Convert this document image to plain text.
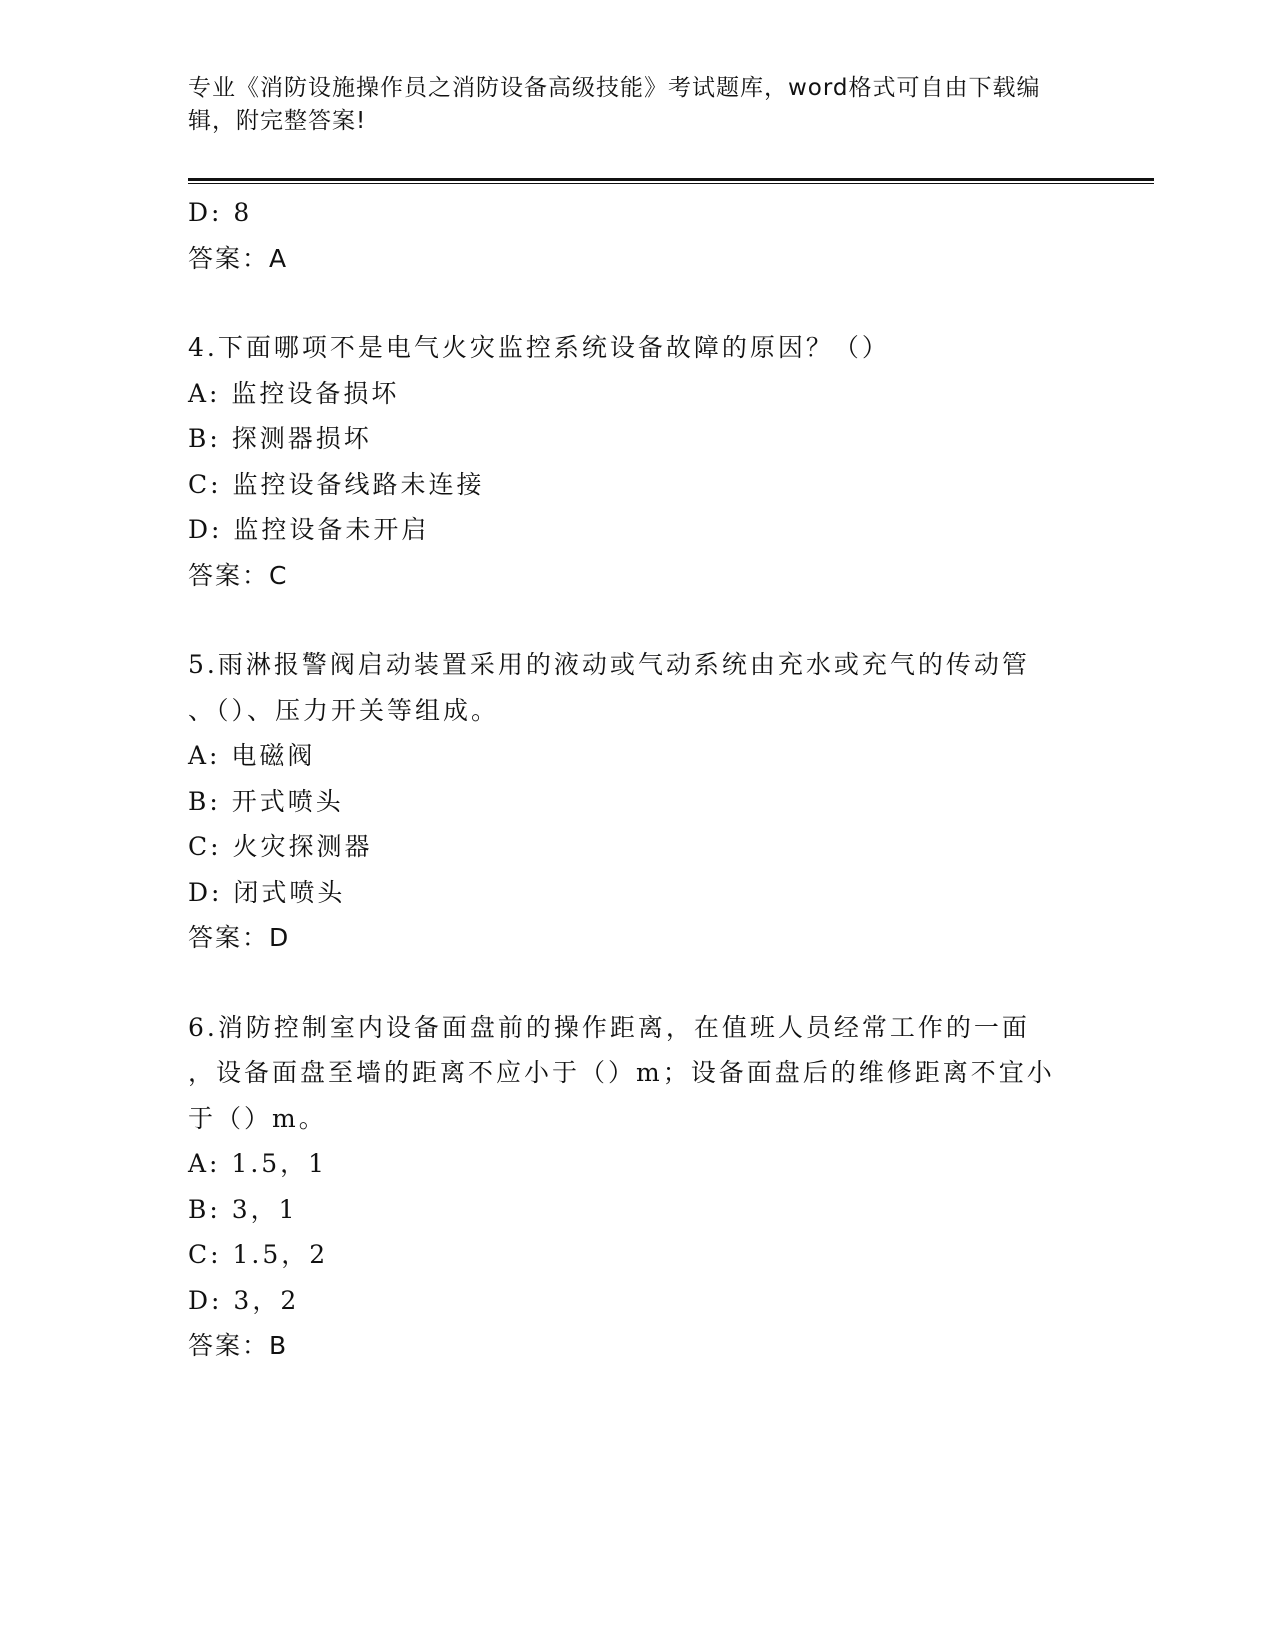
专业《消防设施操作员之消防设备高级技能》考试题库，word格式可自由下载编
辑，附完整答案!
D: 8
答案：A
4.下面哪项不是电气火灾监控系统设备故障的原因？（）
A: 监控设备损坏
B: 探测器损坏
C: 监控设备线路未连接
D: 监控设备未开启
答案：C
5.雨淋报警阀启动装置采用的液动或气动系统由充水或充气的传动管
、（）、压力开关等组成。
A: 电磁阀
B: 开式喷头
C: 火灾探测器
D: 闭式喷头
答案：D
6.消防控制室内设备面盘前的操作距离，在值班人员经常工作的一面
，设备面盘至墙的距离不应小于（）m；设备面盘后的维修距离不宜小
于（）m。
A: 1.5，1
B: 3，1
C: 1.5，2
D: 3，2
答案：B
